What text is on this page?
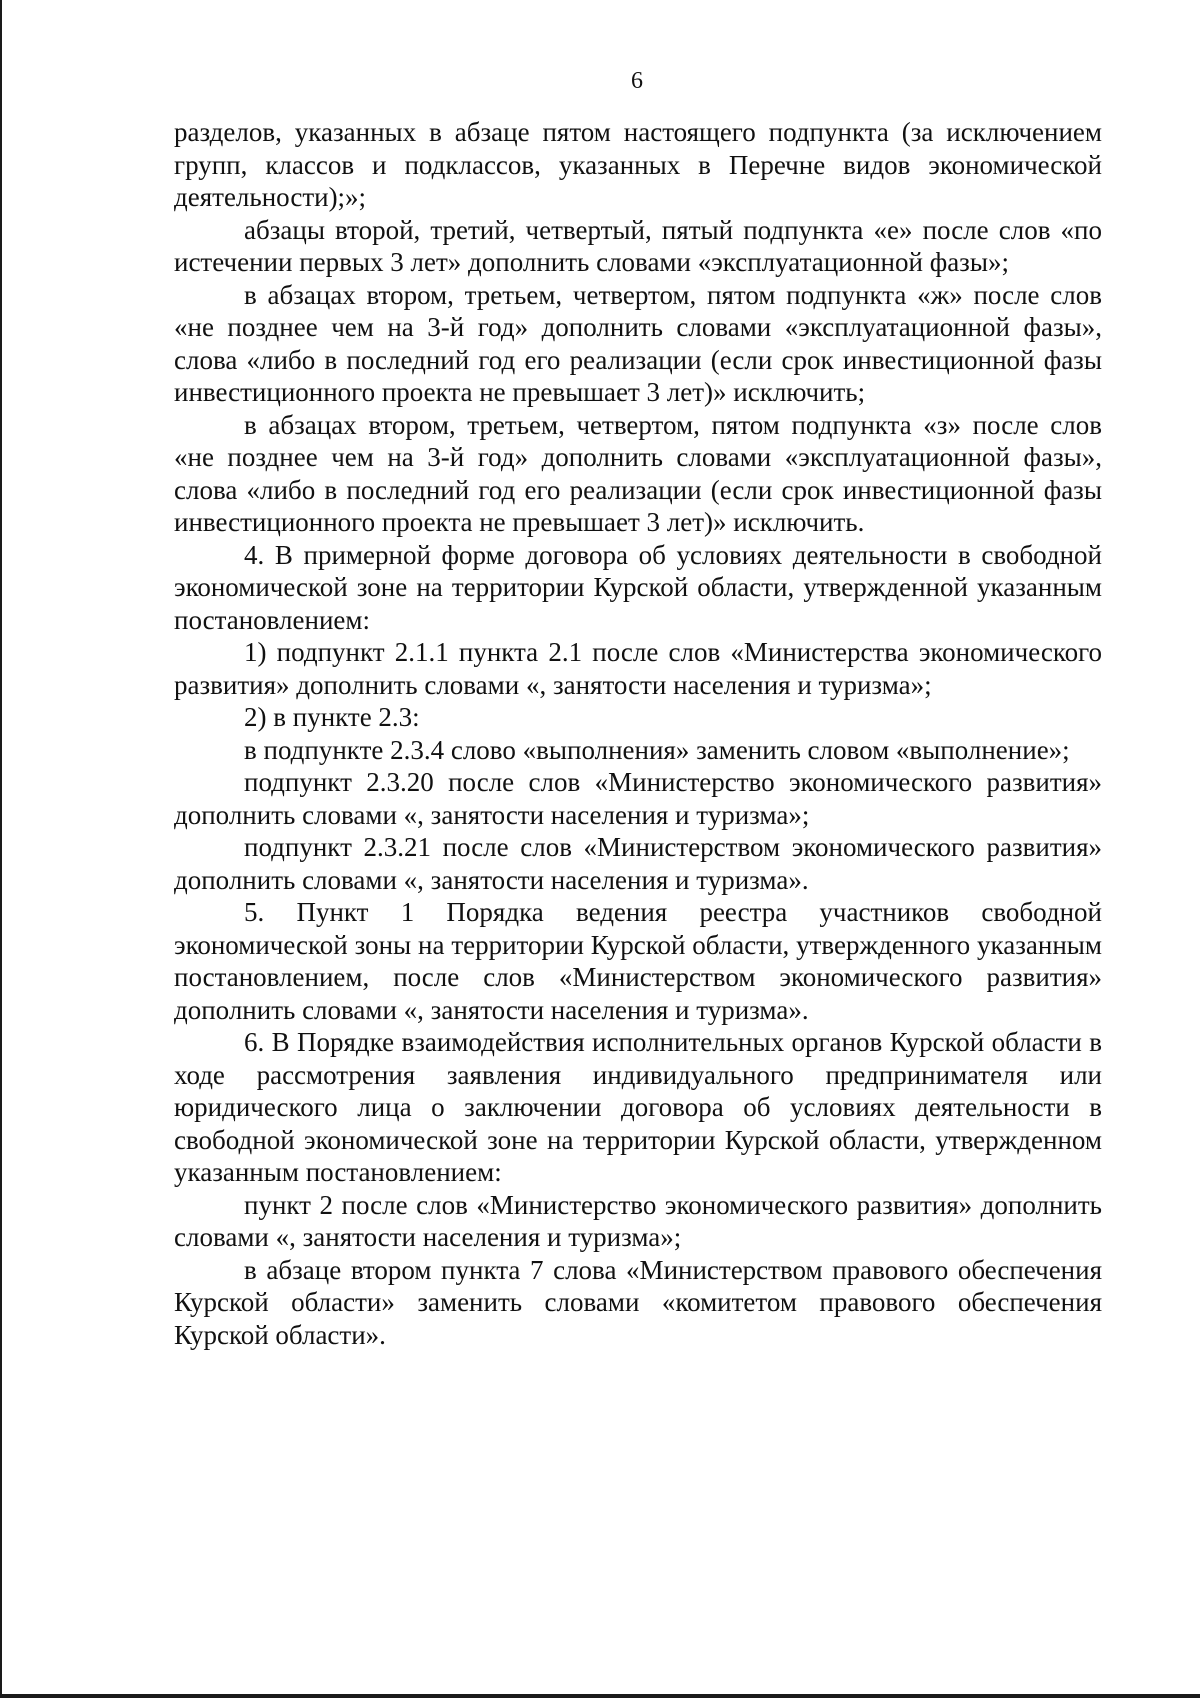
6

разделов, указанных в абзаце пятом настоящего подпункта (за исключением групп, классов и подклассов, указанных в Перечне видов экономической деятельности);»;

абзацы второй, третий, четвертый, пятый подпункта «е» после слов «по истечении первых 3 лет» дополнить словами «эксплуатационной фазы»;

в абзацах втором, третьем, четвертом, пятом подпункта «ж» после слов «не позднее чем на 3-й год» дополнить словами «эксплуатационной фазы», слова «либо в последний год его реализации (если срок инвестиционной фазы инвестиционного проекта не превышает 3 лет)» исключить;

в абзацах втором, третьем, четвертом, пятом подпункта «з» после слов «не позднее чем на 3-й год» дополнить словами «эксплуатационной фазы», слова «либо в последний год его реализации (если срок инвестиционной фазы инвестиционного проекта не превышает 3 лет)» исключить.

4. В примерной форме договора об условиях деятельности в свободной экономической зоне на территории Курской области, утвержденной указанным постановлением:

1) подпункт 2.1.1 пункта 2.1 после слов «Министерства экономического развития» дополнить словами «, занятости населения и туризма»;

2) в пункте 2.3:

в подпункте 2.3.4 слово «выполнения» заменить словом «выполнение»;

подпункт 2.3.20 после слов «Министерство экономического развития» дополнить словами «, занятости населения и туризма»;

подпункт 2.3.21 после слов «Министерством экономического развития» дополнить словами «, занятости населения и туризма».

5. Пункт 1 Порядка ведения реестра участников свободной экономической зоны на территории Курской области, утвержденного указанным постановлением, после слов «Министерством экономического развития» дополнить словами «, занятости населения и туризма».

6. В Порядке взаимодействия исполнительных органов Курской области в ходе рассмотрения заявления индивидуального предпринимателя или юридического лица о заключении договора об условиях деятельности в свободной экономической зоне на территории Курской области, утвержденном указанным постановлением:

пункт 2 после слов «Министерство экономического развития» дополнить словами «, занятости населения и туризма»;

в абзаце втором пункта 7 слова «Министерством правового обеспечения Курской области» заменить словами «комитетом правового обеспечения Курской области».
